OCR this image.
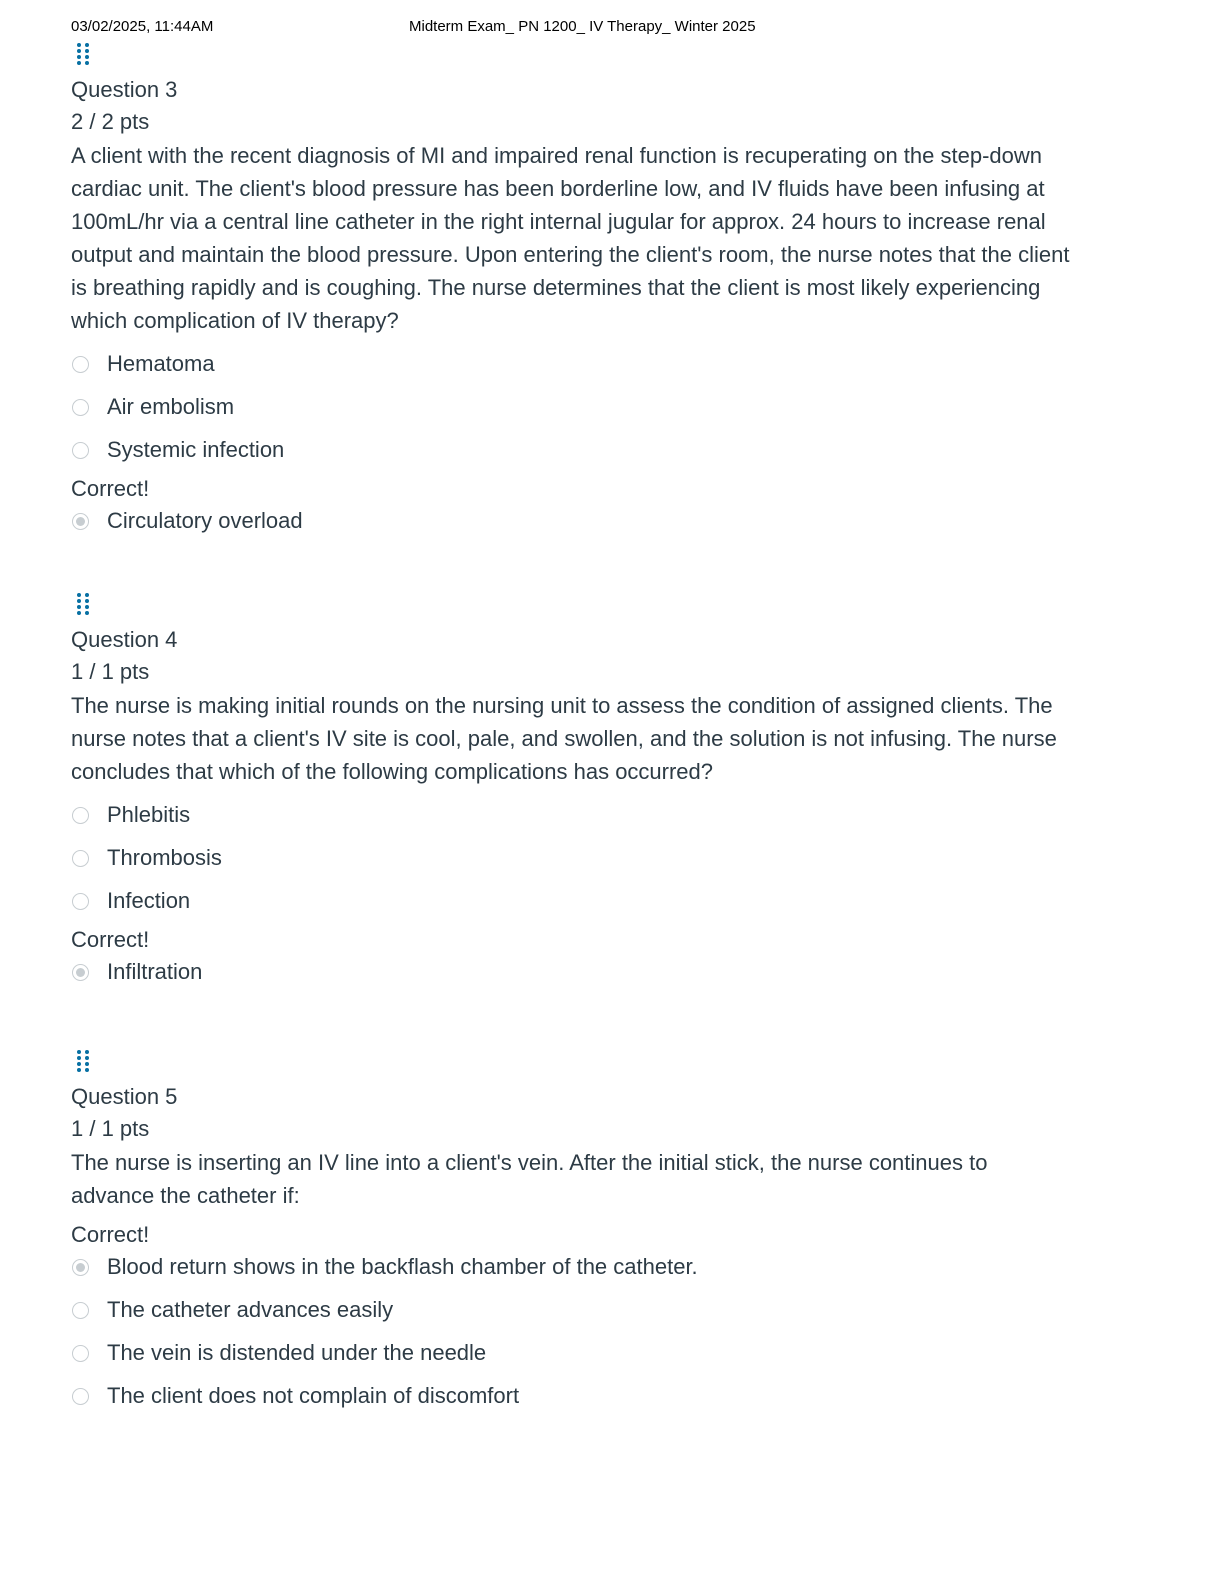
03/02/2025, 11:44AM	Midterm Exam_ PN 1200_ IV Therapy_ Winter 2025
Question 3
2 / 2 pts
A client with the recent diagnosis of MI and impaired renal function is recuperating on the step-down cardiac unit. The client's blood pressure has been borderline low, and IV fluids have been infusing at 100mL/hr via a central line catheter in the right internal jugular for approx. 24 hours to increase renal output and maintain the blood pressure. Upon entering the client's room, the nurse notes that the client is breathing rapidly and is coughing. The nurse determines that the client is most likely experiencing which complication of IV therapy?
Hematoma
Air embolism
Systemic infection
Correct!
Circulatory overload
Question 4
1 / 1 pts
The nurse is making initial rounds on the nursing unit to assess the condition of assigned clients. The nurse notes that a client's IV site is cool, pale, and swollen, and the solution is not infusing. The nurse concludes that which of the following complications has occurred?
Phlebitis
Thrombosis
Infection
Correct!
Infiltration
Question 5
1 / 1 pts
The nurse is inserting an IV line into a client's vein. After the initial stick, the nurse continues to advance the catheter if:
Correct!
Blood return shows in the backflash chamber of the catheter.
The catheter advances easily
The vein is distended under the needle
The client does not complain of discomfort
